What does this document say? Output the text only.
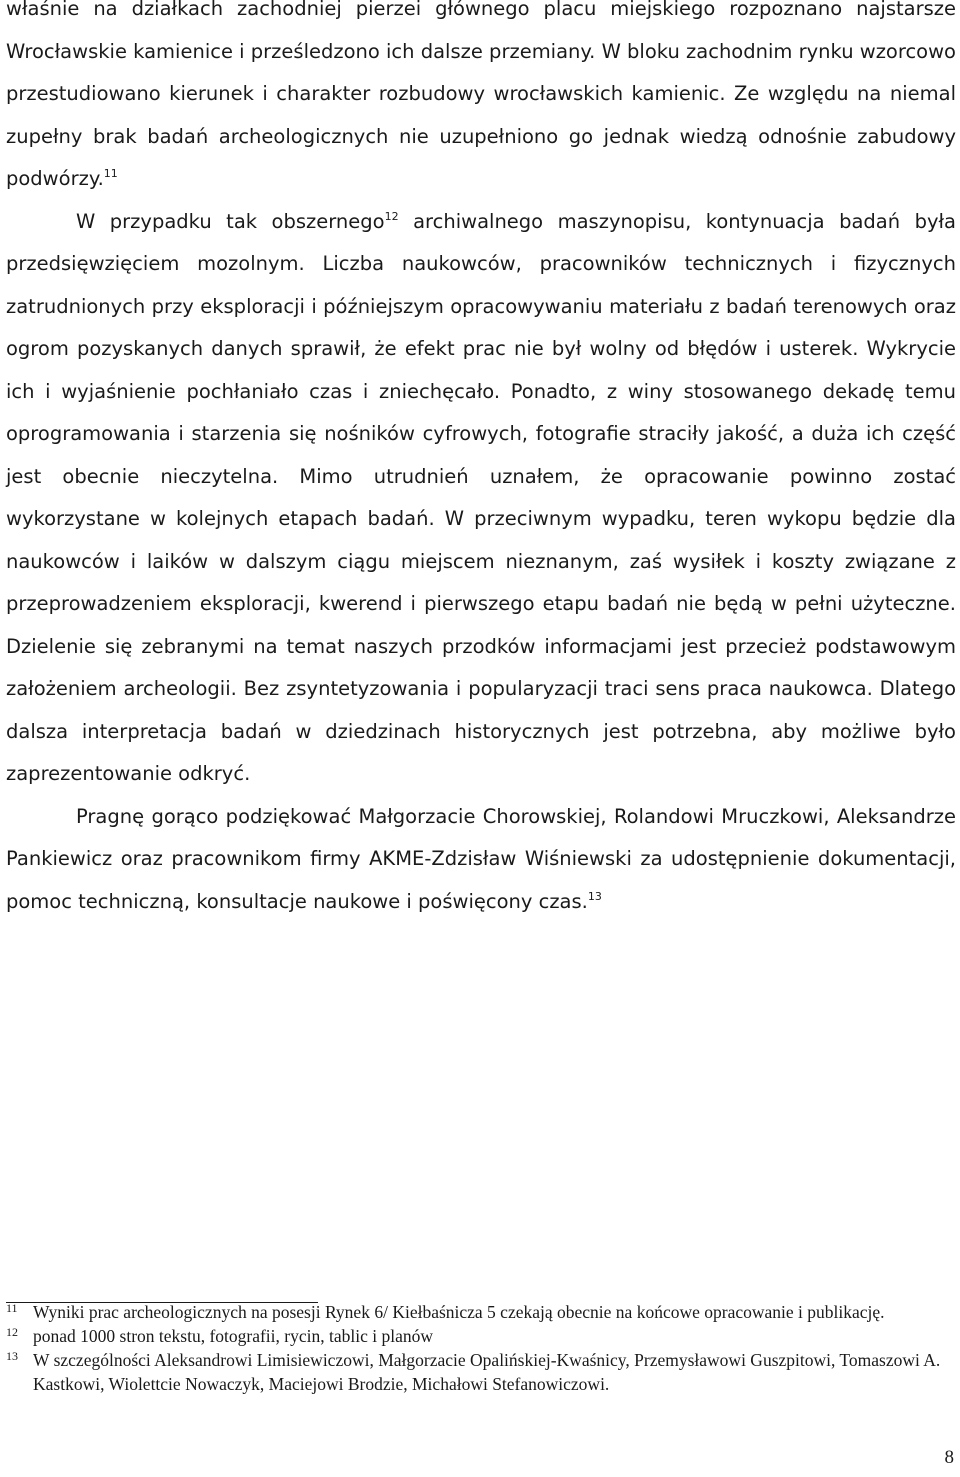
właśnie na działkach zachodniej pierzei głównego placu miejskiego rozpoznano najstarsze Wrocławskie kamienice i prześledzono ich dalsze przemiany. W bloku zachodnim rynku wzorcowo przestudiowano kierunek i charakter rozbudowy wrocławskich kamienic. Ze względu na niemal zupełny brak badań archeologicznych nie uzupełniono go jednak wiedzą odnośnie zabudowy podwórzy.$^{11}$

W przypadku tak obszernego$^{12}$ archiwalnego maszynopisu, kontynuacja badań była przedsięwzięciem mozolnym. Liczba naukowców, pracowników technicznych i fizycznych zatrudnionych przy eksploracji i późniejszym opracowywaniu materiału z badań terenowych oraz ogrom pozyskanych danych sprawił, że efekt prac nie był wolny od błędów i usterek. Wykrycie ich i wyjaśnienie pochłaniało czas i zniechęcało. Ponadto, z winy stosowanego dekadę temu oprogramowania i starzenia się nośników cyfrowych, fotografie straciły jakość, a duża ich część jest obecnie nieczytelna. Mimo utrudnień uznałem, że opracowanie powinno zostać wykorzystane w kolejnych etapach badań. W przeciwnym wypadku, teren wykopu będzie dla naukowców i laików w dalszym ciągu miejscem nieznanym, zaś wysiłek i koszty związane z przeprowadzeniem eksploracji, kwerend i pierwszego etapu badań nie będą w pełni użyteczne. Dzielenie się zebranymi na temat naszych przodków informacjami jest przecież podstawowym założeniem archeologii. Bez zsyntetyzowania i popularyzacji traci sens praca naukowca. Dlatego dalsza interpretacja badań w dziedzinach historycznych jest potrzebna, aby możliwe było zaprezentowanie odkryć.

Pragnę gorąco podziękować Małgorzacie Chorowskiej, Rolandowi Mruczkowi, Aleksandrze Pankiewicz oraz pracownikom firmy AKME-Zdzisław Wiśniewski za udostępnienie dokumentacji, pomoc techniczną, konsultacje naukowe i poświęcony czas.$^{13}$

11 Wyniki prac archeologicznych na posesji Rynek 6/ Kiełbaśnicza 5 czekają obecnie na końcowe opracowanie i publikację.
12 ponad 1000 stron tekstu, fotografii, rycin, tablic i planów
13 W szczególności Aleksandrowi Limisiewiczowi, Małgorzacie Opalińskiej-Kwaśnicy, Przemysławowi Guszpitowi, Tomaszowi A. Kastkowi, Wiolettcie Nowaczyk, Maciejowi Brodzie, Michałowi Stefanowiczowi.
8
